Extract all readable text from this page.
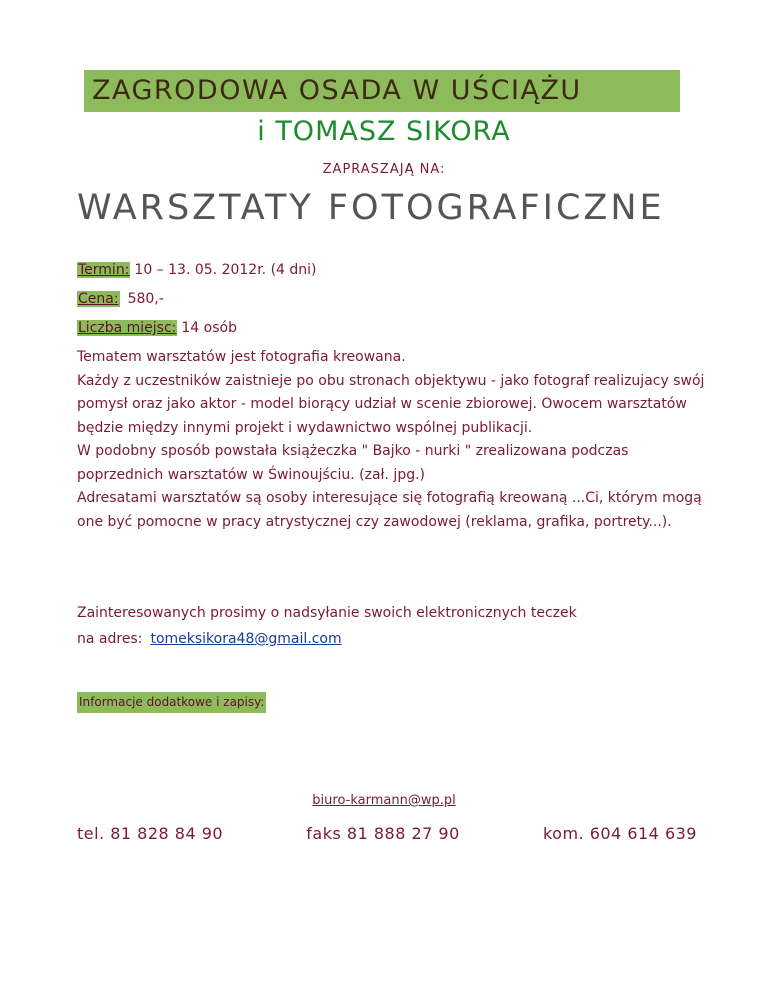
ZAGRODOWA OSADA W UŚCIĄŻU
i TOMASZ SIKORA
ZAPRASZAJĄ NA:
WARSZTATY FOTOGRAFICZNE
Termin: 10 – 13. 05. 2012r. (4 dni)
Cena: 580,-
Liczba miejsc: 14 osób

Tematem warsztatów jest fotografia kreowana.

Każdy z uczestników zaistnieje po obu stronach objektywu - jako fotograf realizujacy swój pomysł oraz jako aktor - model biorący udział w scenie zbiorowej. Owocem warsztatów będzie między innymi projekt i wydawnictwo wspólnej publikacji.

W podobny sposób powstała książeczka " Bajko - nurki " zrealizowana podczas poprzednich warsztatów w Świnoujściu. (zał. jpg.)

Adresatami warsztatów są osoby interesujące się fotografią kreowaną ...Ci, którym mogą one być pomocne w pracy atrystycznej czy zawodowej (reklama, grafika, portrety...).

Zainteresowanych prosimy o nadsyłanie swoich elektronicznych teczek
na adres: tomeksikora48@gmail.com
Informacje dodatkowe i zapisy:
biuro-karmann@wp.pl
tel. 81 828 84 90	faks 81 888 27 90	kom. 604 614 639
